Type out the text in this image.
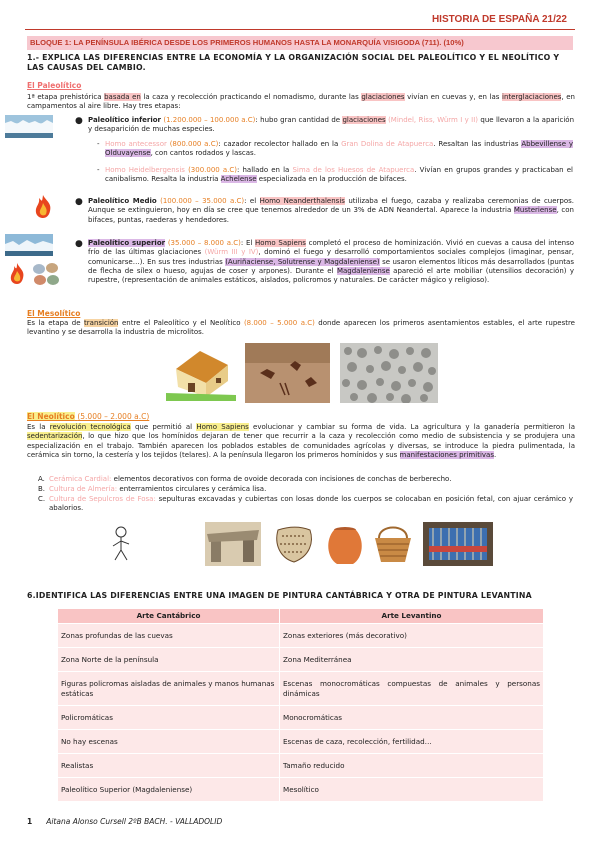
HISTORIA DE ESPAÑA 21/22
BLOQUE 1: LA PENÍNSULA IBÉRICA DESDE LOS PRIMEROS HUMANOS HASTA LA MONARQUÍA VISIGODA (711). (10%)
1.- EXPLICA LAS DIFERENCIAS ENTRE LA ECONOMÍA Y LA ORGANIZACIÓN SOCIAL DEL PALEOLÍTICO Y EL NEOLÍTICO Y LAS CAUSAS DEL CAMBIO.
El Paleolítico
1ª etapa prehistórica basada en la caza y recolección practicando el nomadismo, durante las glaciaciones vivían en cuevas y, en las interglaciaciones, en campamentos al aire libre. Hay tres etapas:
● Paleolítico inferior (1.200.000 – 100.000 a.C): hubo gran cantidad de glaciaciones (Mindel, Riss, Würm I y II) que llevaron a la aparición y desaparición de muchas especies.
- Homo antecessor (800.000 a.C): cazador recolector hallado en la Gran Dolina de Atapuerca. Resaltan las industrias Abbevillense y Olduvayense, con cantos rodados y lascas.
- Homo Heidelbergensis (300.000 a.C): hallado en la Sima de los Huesos de Atapuerca. Vivían en grupos grandes y practicaban el canibalismo. Resalta la industria Achelense especializada en la producción de bifaces.
● Paleolítico Medio (100.000 – 35.000 a.C): el Homo Neanderthalensis utilizaba el fuego, cazaba y realizaba ceremonias de cuerpos. Aunque se extinguieron, hoy en día se cree que tenemos alrededor de un 3% de ADN Neandertal. Aparece la industria Musteriense, con bifaces, puntas, raederas y hendedores.
● Paleolítico superior (35.000 – 8.000 a.C): El Homo Sapiens completó el proceso de hominización. Vivió en cuevas a causa del intenso frío de las últimas glaciaciones (Würm III y IV), dominó el fuego y desarrolló comportamientos sociales complejos (imaginar, pensar, comunicarse…). En sus tres industrias (Auriñaciense, Solutrense y Magdaleniense) se usaron elementos líticos más desarrollados (puntas de flecha de sílex o hueso, agujas de coser y arpones). Durante el Magdaleniense apareció el arte mobiliar (utensilios decoración) y rupestre, (representación de animales estáticos, aislados, policromos y naturales. De carácter mágico y religioso).
El Mesolítico
Es la etapa de transición entre el Paleolítico y el Neolítico (8.000 – 5.000 a.C) donde aparecen los primeros asentamientos estables, el arte rupestre levantino y se desarrolla la industria de microlitos.
El Neolítico (5.000 – 2.000 a.C)
Es la revolución tecnológica que permitió al Homo Sapiens evolucionar y cambiar su forma de vida. La agricultura y la ganadería permitieron la sedentarización, lo que hizo que los homínidos dejaran de tener que recurrir a la caza y recolección como medio de subsistencia y se produjera una especialización en el trabajo. También aparecen los poblados estables de comunidades agrícolas y diversas, se introduce la piedra pulimentada, la cerámica sin torno, la cestería y los tejidos (telares). A la península llegaron los primeros homínidos y sus manifestaciones primitivas.
A. Cerámica Cardial: elementos decorativos con forma de ovoide decorada con incisiones de conchas de berberecho.
B. Cultura de Almería: enterramientos circulares y cerámica lisa.
C. Cultura de Sepulcros de Fosa: sepulturas excavadas y cubiertas con losas donde los cuerpos se colocaban en posición fetal, con ajuar cerámico y abalorios.
6.IDENTIFICA LAS DIFERENCIAS ENTRE UNA IMAGEN DE PINTURA CANTÁBRICA Y OTRA DE PINTURA LEVANTINA
Arte Cantábrico	Arte Levantino
Zonas profundas de las cuevas	Zonas exteriores (más decorativo)
Zona Norte de la península	Zona Mediterránea
Figuras policromas aisladas de animales y manos humanas estáticas	Escenas monocromáticas compuestas de animales y personas dinámicas
Policromáticas	Monocromáticas
No hay escenas	Escenas de caza, recolección, fertilidad…
Realistas	Tamaño reducido
Paleolítico Superior (Magdaleniense)	Mesolítico
1 Aitana Alonso Cursell 2ºB BACH. - VALLADOLID
